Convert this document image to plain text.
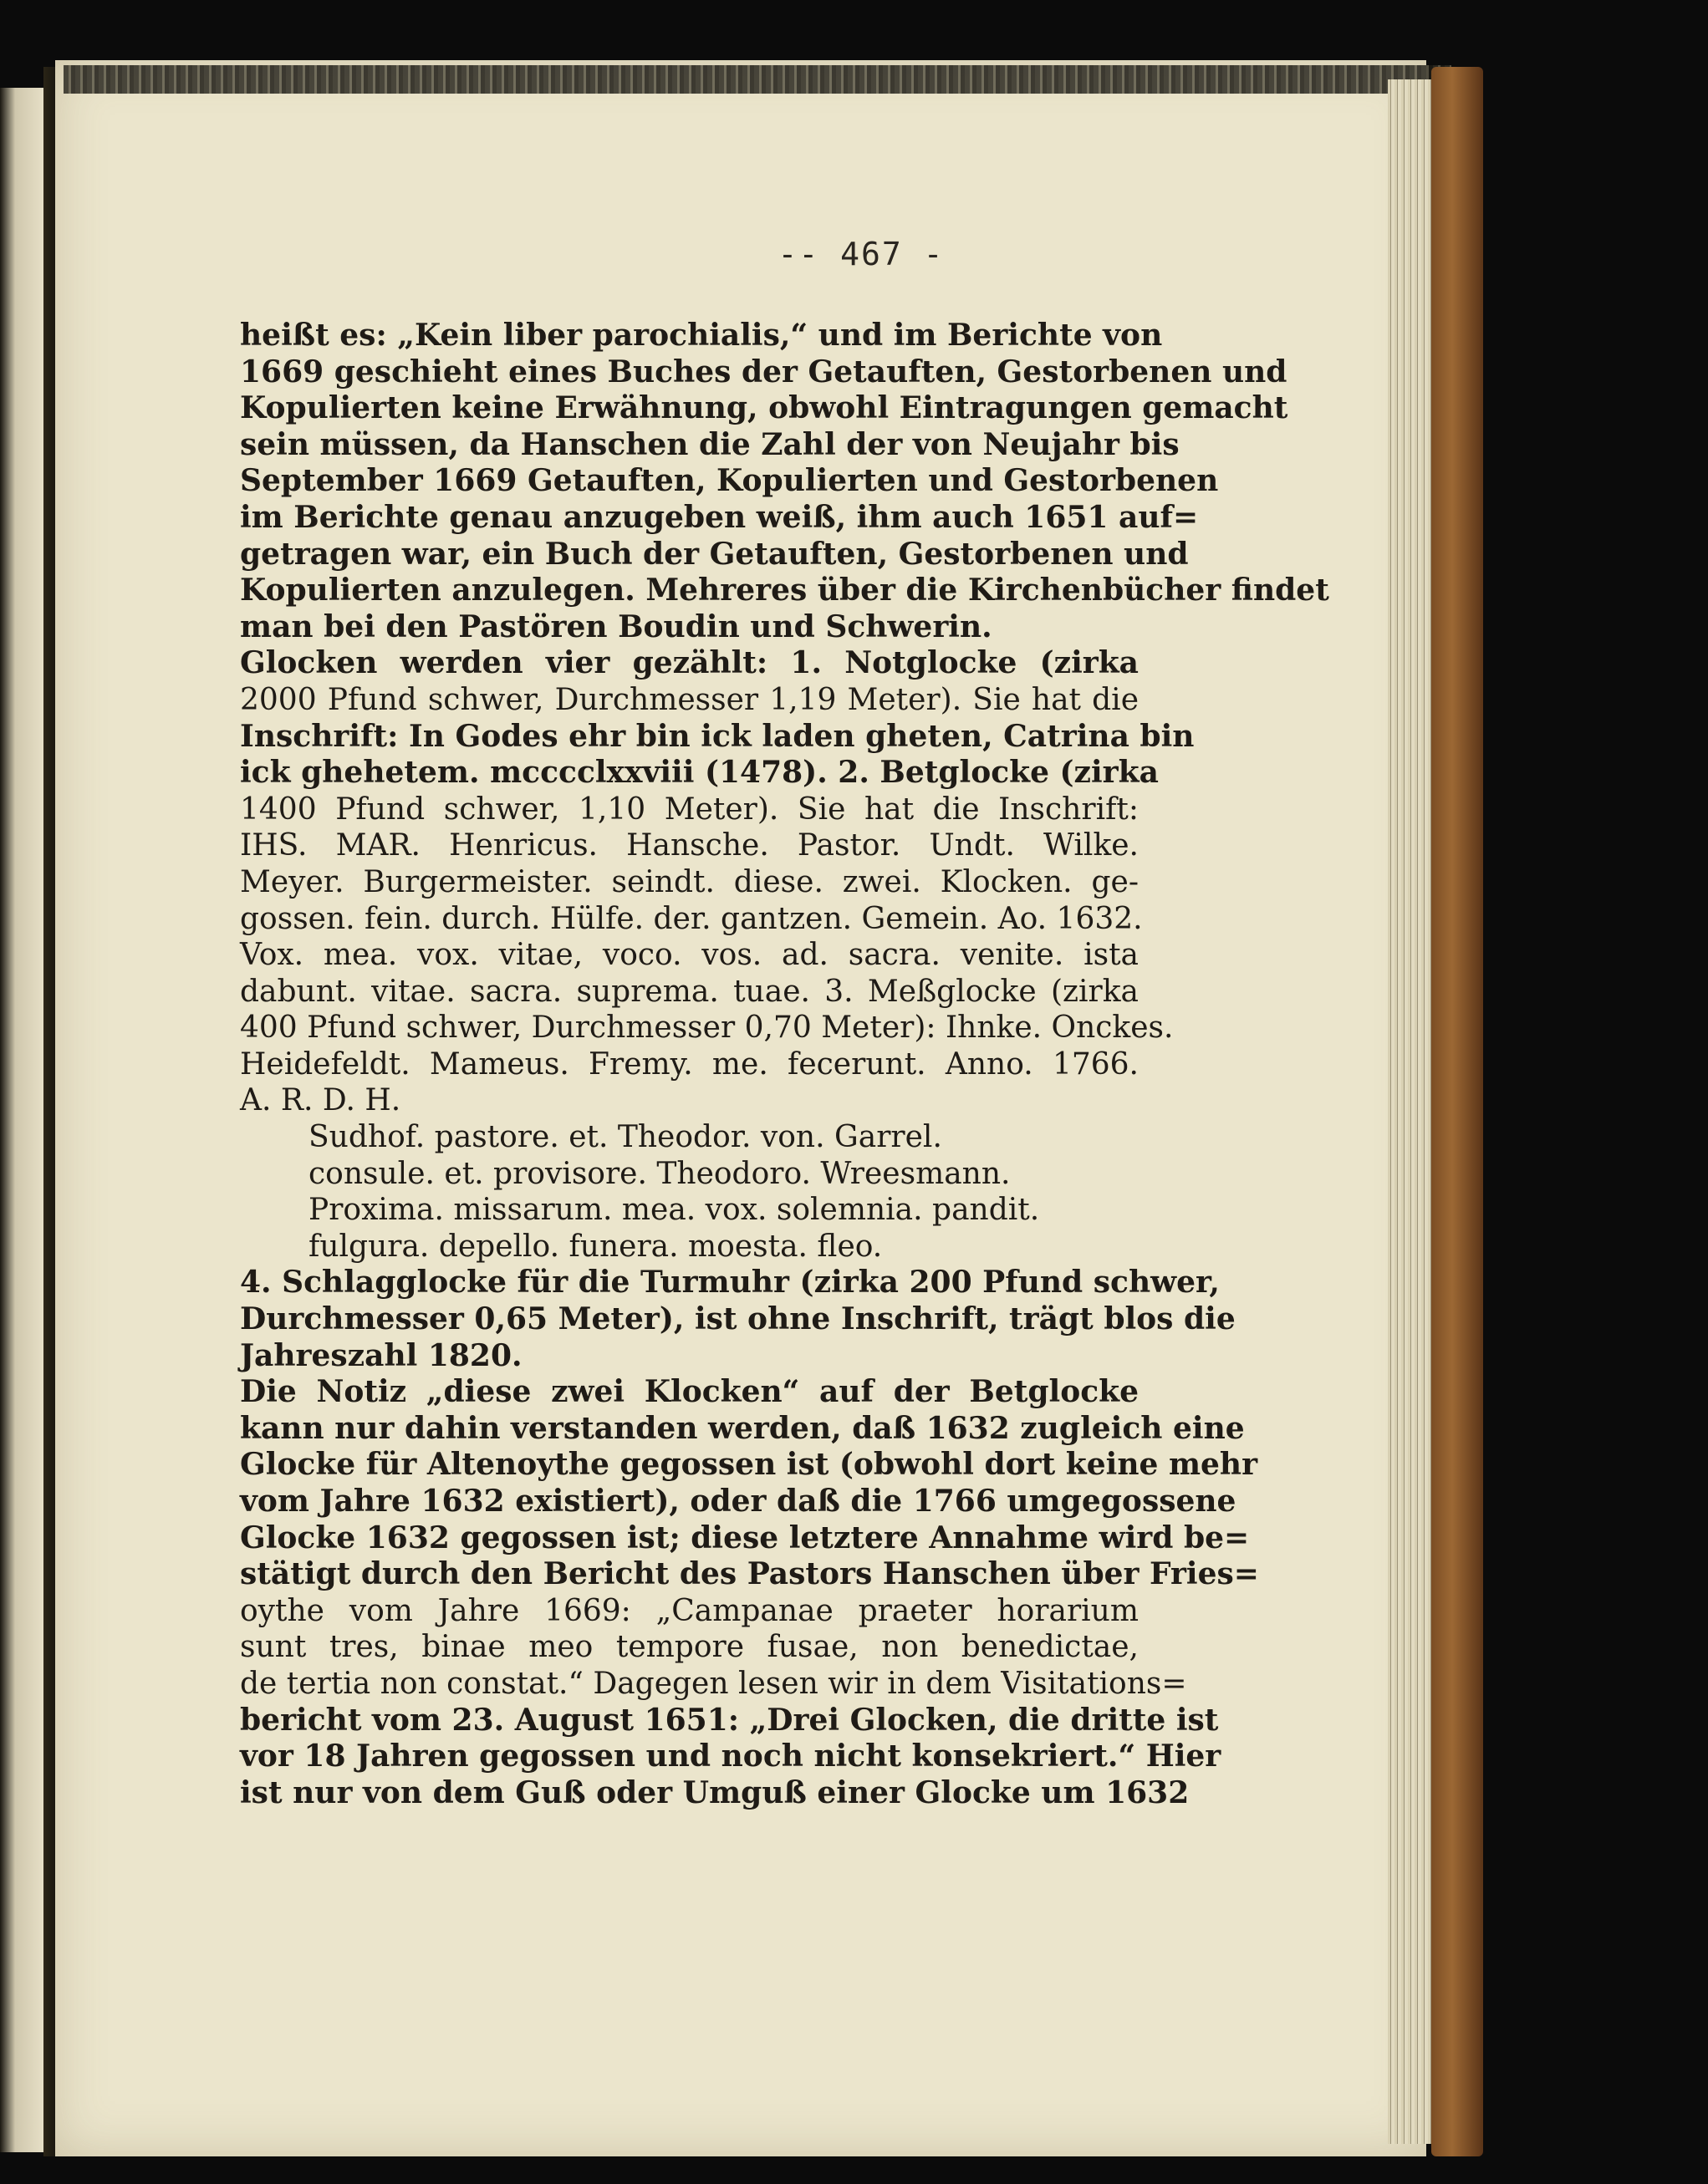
-- 467 -
heißt es: „Kein liber parochialis,“ und im Berichte von
1669 geschieht eines Buches der Getauften, Gestorbenen und
Kopulierten keine Erwähnung, obwohl Eintragungen gemacht
sein müssen, da Hanschen die Zahl der von Neujahr bis
September 1669 Getauften, Kopulierten und Gestorbenen
im Berichte genau anzugeben weiß, ihm auch 1651 auf=
getragen war, ein Buch der Getauften, Gestorbenen und
Kopulierten anzulegen. Mehreres über die Kirchenbücher findet
man bei den Pastören Boudin und Schwerin.
Glocken werden vier gezählt: 1. Notglocke (zirka
2000 Pfund schwer, Durchmesser 1,19 Meter). Sie hat die
Inschrift: In Godes ehr bin ick laden gheten, Catrina bin
ick ghehetem. mcccclxxviii (1478). 2. Betglocke (zirka
1400 Pfund schwer, 1,10 Meter). Sie hat die Inschrift:
IHS. MAR. Henricus. Hansche. Pastor. Undt. Wilke.
Meyer. Burgermeister. seindt. diese. zwei. Klocken. ge-
gossen. fein. durch. Hülfe. der. gantzen. Gemein. Ao. 1632.
Vox. mea. vox. vitae, voco. vos. ad. sacra. venite. ista
dabunt. vitae. sacra. suprema. tuae. 3. Meßglocke (zirka
400 Pfund schwer, Durchmesser 0,70 Meter): Ihnke. Onckes.
Heidefeldt. Mameus. Fremy. me. fecerunt. Anno. 1766.
A. R. D. H.
Sudhof. pastore. et. Theodor. von. Garrel.
consule. et. provisore. Theodoro. Wreesmann.
Proxima. missarum. mea. vox. solemnia. pandit.
fulgura. depello. funera. moesta. fleo.
4. Schlagglocke für die Turmuhr (zirka 200 Pfund schwer,
Durchmesser 0,65 Meter), ist ohne Inschrift, trägt blos die
Jahreszahl 1820.
Die Notiz „diese zwei Klocken“ auf der Betglocke
kann nur dahin verstanden werden, daß 1632 zugleich eine
Glocke für Altenoythe gegossen ist (obwohl dort keine mehr
vom Jahre 1632 existiert), oder daß die 1766 umgegossene
Glocke 1632 gegossen ist; diese letztere Annahme wird be=
stätigt durch den Bericht des Pastors Hanschen über Fries=
oythe vom Jahre 1669: „Campanae praeter horarium
sunt tres, binae meo tempore fusae, non benedictae,
de tertia non constat.“ Dagegen lesen wir in dem Visitations=
bericht vom 23. August 1651: „Drei Glocken, die dritte ist
vor 18 Jahren gegossen und noch nicht konsekriert.“ Hier
ist nur von dem Guß oder Umguß einer Glocke um 1632
